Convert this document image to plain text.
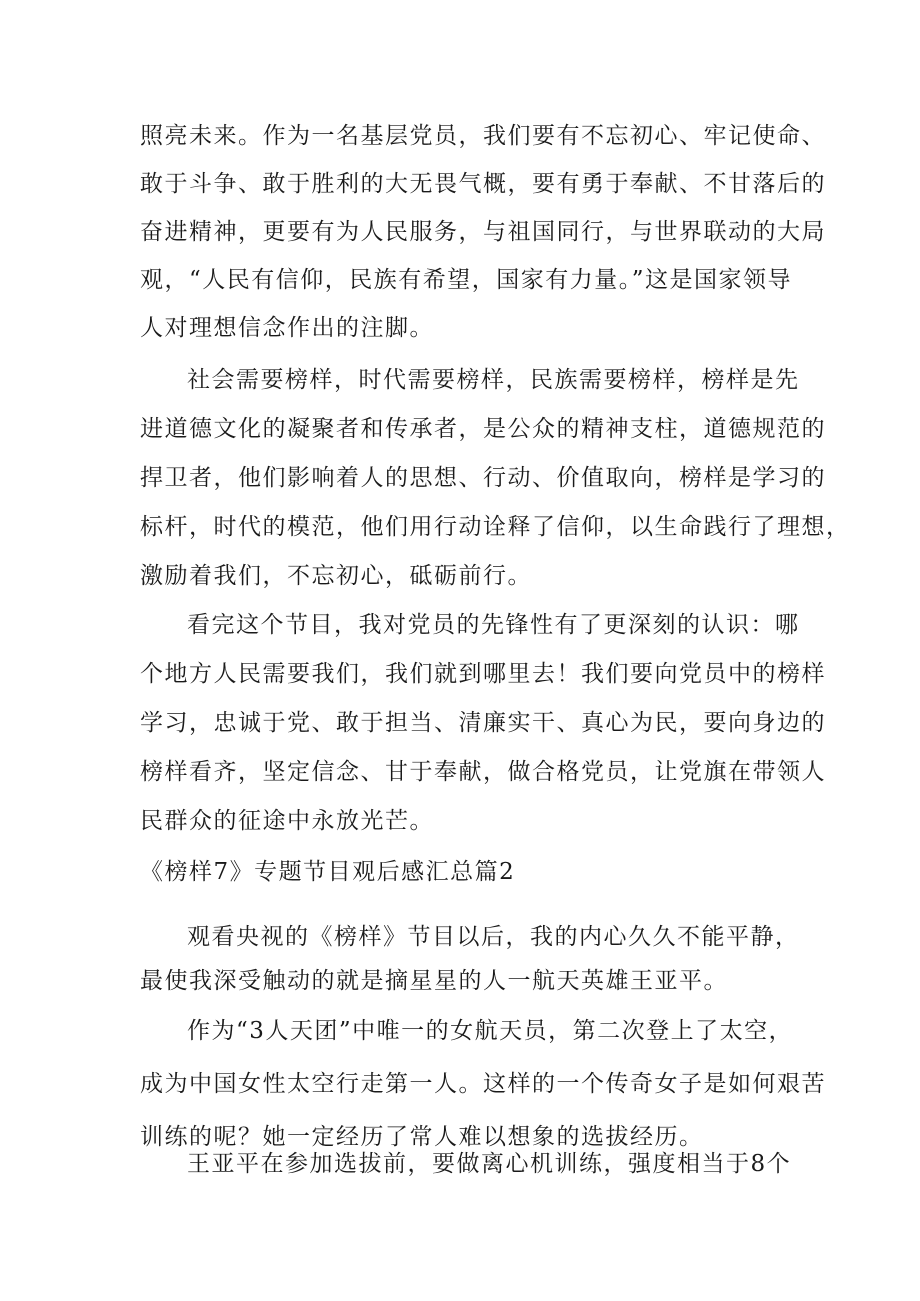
照亮未来。作为一名基层党员，我们要有不忘初心、牢记使命、
敢于斗争、敢于胜利的大无畏气概，要有勇于奉献、不甘落后的
奋进精神，更要有为人民服务，与祖国同行，与世界联动的大局
观，“人民有信仰，民族有希望，国家有力量。”这是国家领导
人对理想信念作出的注脚。

社会需要榜样，时代需要榜样，民族需要榜样，榜样是先
进道德文化的凝聚者和传承者，是公众的精神支柱，道德规范的
捍卫者，他们影响着人的思想、行动、价值取向，榜样是学习的
标杆，时代的模范，他们用行动诠释了信仰，以生命践行了理想，
激励着我们，不忘初心，砥砺前行。

看完这个节目，我对党员的先锋性有了更深刻的认识：哪
个地方人民需要我们，我们就到哪里去！我们要向党员中的榜样
学习，忠诚于党、敢于担当、清廉实干、真心为民，要向身边的
榜样看齐，坚定信念、甘于奉献，做合格党员，让党旗在带领人
民群众的征途中永放光芒。

《榜样7》专题节目观后感汇总篇2

观看央视的《榜样》节目以后，我的内心久久不能平静，
最使我深受触动的就是摘星星的人一航天英雄王亚平。

作为“3人天团”中唯一的女航天员，第二次登上了太空，
成为中国女性太空行走第一人。这样的一个传奇女子是如何艰苦
训练的呢？她一定经历了常人难以想象的选拔经历。

王亚平在参加选拔前，要做离心机训练，强度相当于8个
